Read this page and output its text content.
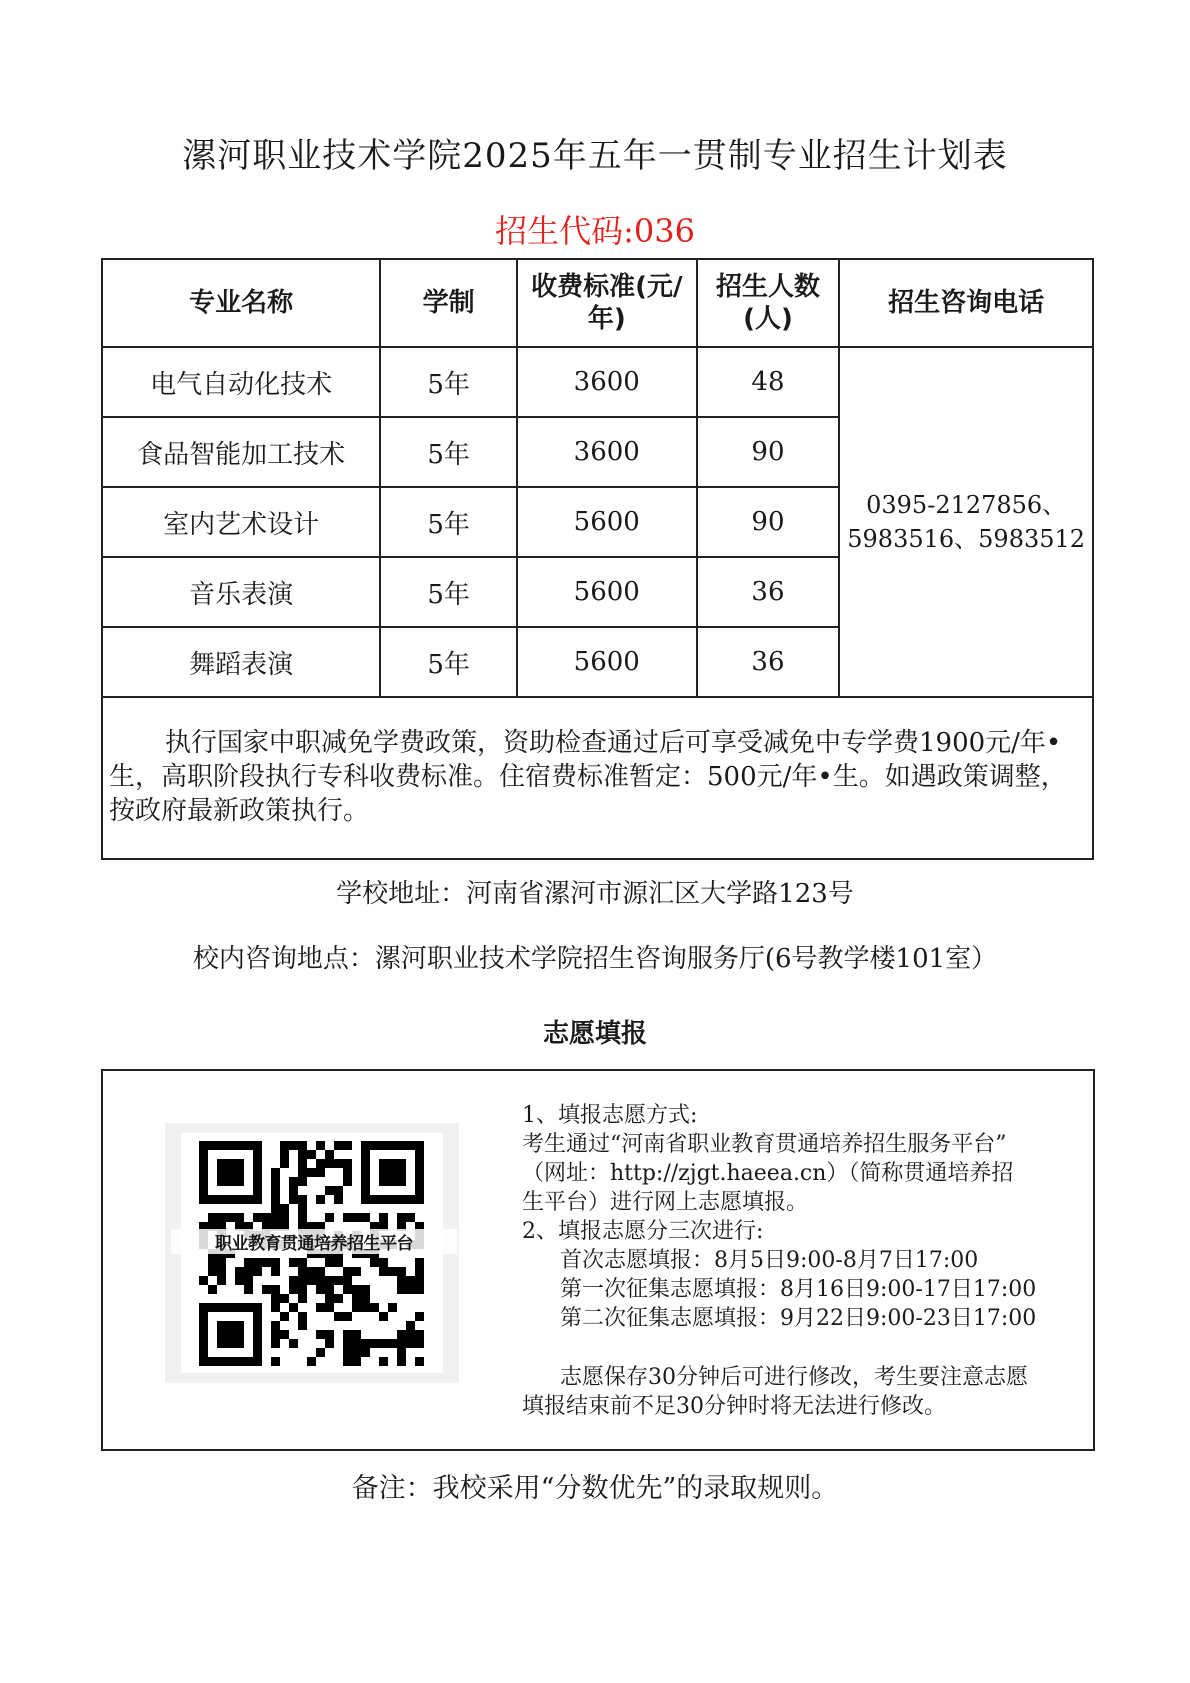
漯河职业技术学院2025年五年一贯制专业招生计划表
招生代码:036
专业名称	学制	收费标准(元/年)	招生人数(人)	招生咨询电话
电气自动化技术	5年	3600	48	0395-2127856、
5983516、5983512

食品智能加工技术	5年	3600	90	
室内艺术设计	5年	5600	90	
音乐表演	5年	5600	36	
舞蹈表演	5年	5600	36	
执行国家中职减免学费政策，资助检查通过后可享受减免中专学费1900元/年•生，高职阶段执行专科收费标准。住宿费标准暂定：500元/年•生。如遇政策调整，按政府最新政策执行。				
学校地址：河南省漯河市源汇区大学路123号
校内咨询地点：漯河职业技术学院招生咨询服务厅(6号教学楼101室）
志愿填报
职业教育贯通培养招生平台
1、填报志愿方式:
考生通过“河南省职业教育贯通培养招生服务平台”
（网址：http://zjgt.haeea.cn）（简称贯通培养招
生平台）进行网上志愿填报。
2、填报志愿分三次进行:
首次志愿填报：8月5日9:00-8月7日17:00
第一次征集志愿填报：8月16日9:00-17日17:00
第二次征集志愿填报：9月22日9:00-23日17:00
志愿保存30分钟后可进行修改，考生要注意志愿
填报结束前不足30分钟时将无法进行修改。
备注：我校采用“分数优先”的录取规则。
